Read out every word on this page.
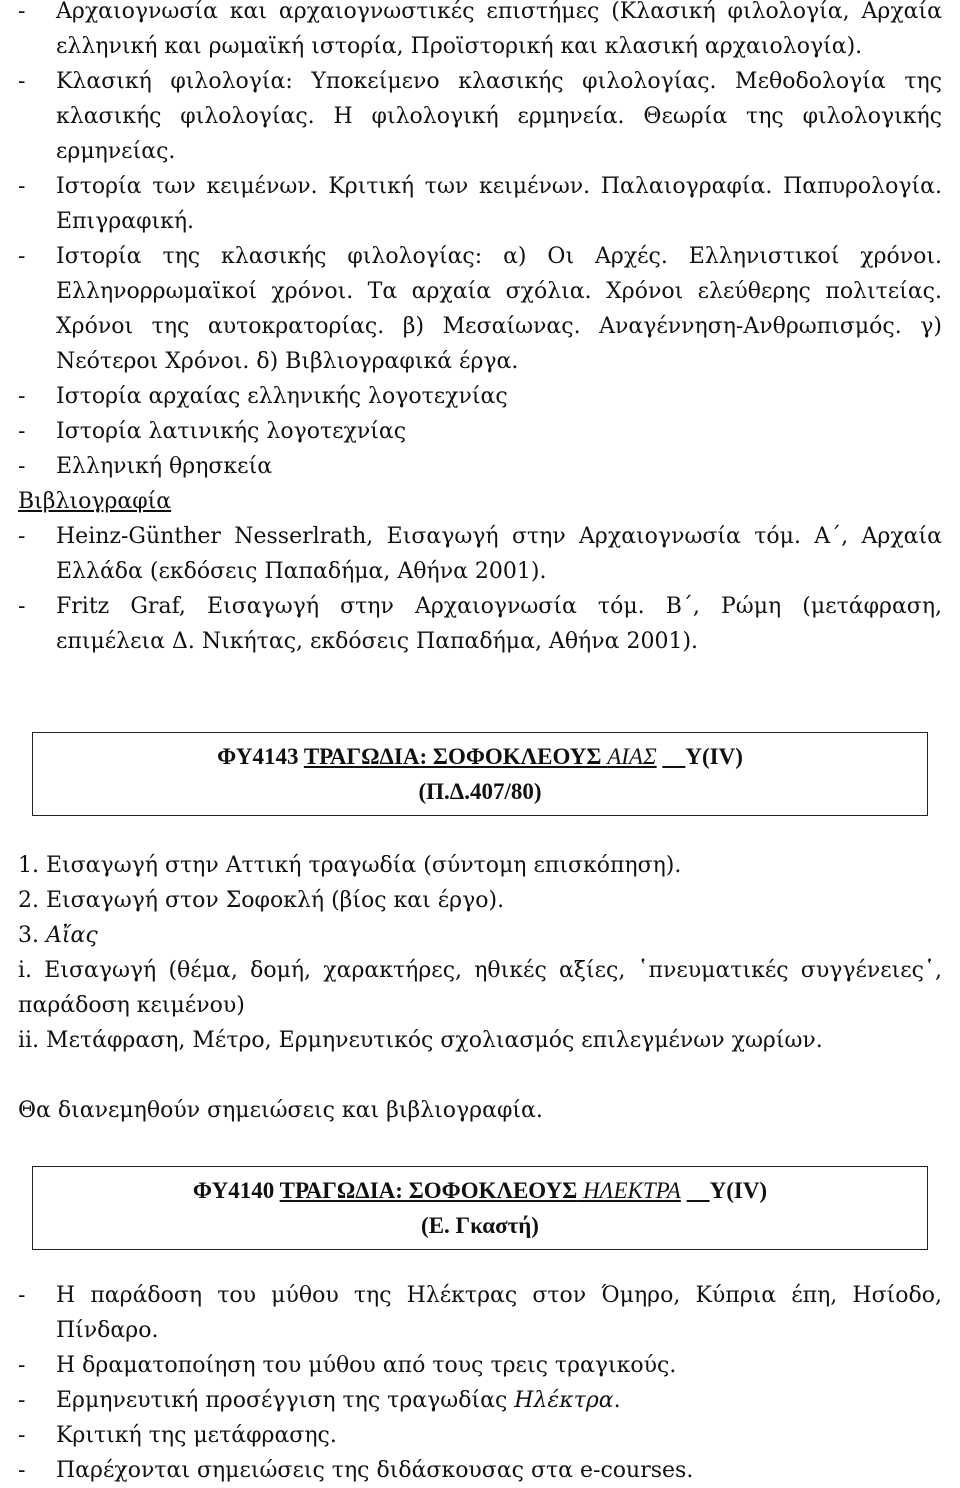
-	Αρχαιογνωσία και αρχαιογνωστικές επιστήμες (Κλασική φιλολογία, Αρχαία ελληνική και ρωμαϊκή ιστορία, Προϊστορική και κλασική αρχαιολογία).
-	Κλασική φιλολογία: Υποκείμενο κλασικής φιλολογίας. Μεθοδολογία της κλασικής φιλολογίας. Η φιλολογική ερμηνεία. Θεωρία της φιλολογικής ερμηνείας.
-	Ιστορία των κειμένων. Κριτική των κειμένων. Παλαιογραφία. Παπυρολογία. Επιγραφική.
-	Ιστορία της κλασικής φιλολογίας: α) Οι Αρχές. Ελληνιστικοί χρόνοι. Ελληνορρωμαϊκοί χρόνοι. Τα αρχαία σχόλια. Χρόνοι ελεύθερης πολιτείας. Χρόνοι της αυτοκρατορίας. β) Μεσαίωνας. Αναγέννηση-Ανθρωπισμός. γ) Νεότεροι Χρόνοι. δ) Βιβλιογραφικά έργα.
-	Ιστορία αρχαίας ελληνικής λογοτεχνίας
-	Ιστορία λατινικής λογοτεχνίας
-	Ελληνική θρησκεία
Βιβλιογραφία
-	Heinz-Günther Nesserlrath, Εισαγωγή στην Αρχαιογνωσία τόμ. Α΄, Αρχαία Ελλάδα (εκδόσεις Παπαδήμα, Αθήνα 2001).
-	Fritz Graf, Εισαγωγή στην Αρχαιογνωσία τόμ. Β΄, Ρώμη (μετάφραση, επιμέλεια Δ. Νικήτας, εκδόσεις Παπαδήμα, Αθήνα 2001).
ΦΥ4143 ΤΡΑΓΩΔΙΑ: ΣΟΦΟΚΛΕΟΥΣ ΑΙΑΣ Υ(IV)
(Π.Δ.407/80)
1. Εισαγωγή στην Αττική τραγωδία (σύντομη επισκόπηση).
2. Εισαγωγή στον Σοφοκλή (βίος και έργο).
3. Αἴας
i. Εισαγωγή (θέμα, δομή, χαρακτήρες, ηθικές αξίες, ῾πνευματικές συγγένειες῾, παράδοση κειμένου)
ii. Μετάφραση, Μέτρο, Ερμηνευτικός σχολιασμός επιλεγμένων χωρίων.
Θα διανεμηθούν σημειώσεις και βιβλιογραφία.
ΦΥ4140 ΤΡΑΓΩΔΙΑ: ΣΟΦΟΚΛΕΟΥΣ ΗΛΕΚΤΡΑ Υ(IV)
(Ε. Γκαστή)
-	Η παράδοση του μύθου της Ηλέκτρας στον Όμηρο, Κύπρια έπη, Ησίοδο, Πίνδαρο.
-	Η δραματοποίηση του μύθου από τους τρεις τραγικούς.
-	Ερμηνευτική προσέγγιση της τραγωδίας Ηλέκτρα.
-	Κριτική της μετάφρασης.
-	Παρέχονται σημειώσεις της διδάσκουσας στα e-courses.
